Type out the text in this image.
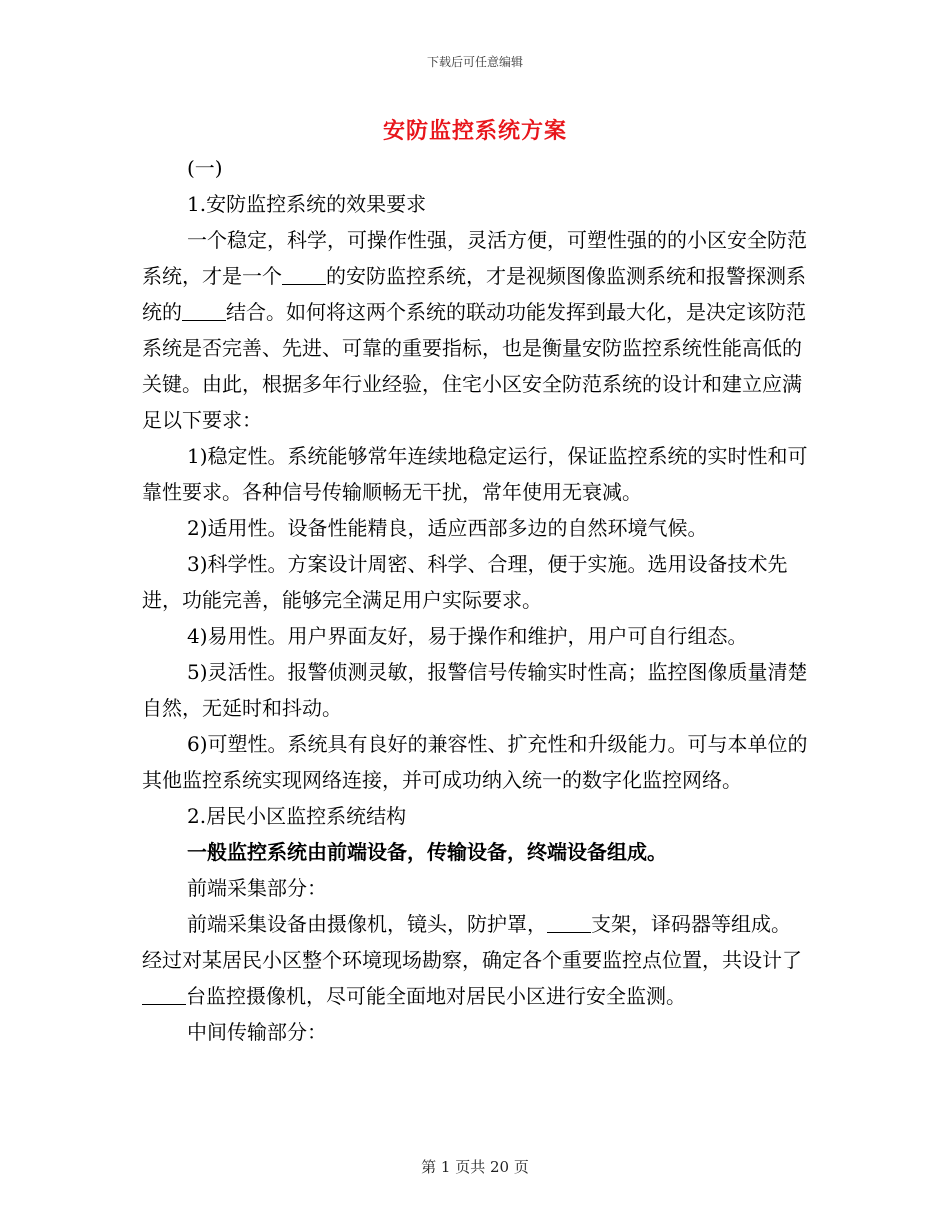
下载后可任意编辑
安防监控系统方案

(一)

1.安防监控系统的效果要求

一个稳定，科学，可操作性强，灵活方便，可塑性强的的小区安全防范系统，才是一个 的安防监控系统，才是视频图像监测系统和报警探测系统的 结合。如何将这两个系统的联动功能发挥到最大化，是决定该防范系统是否完善、先进、可靠的重要指标，也是衡量安防监控系统性能高低的关键。由此，根据多年行业经验，住宅小区安全防范系统的设计和建立应满足以下要求：

1)稳定性。系统能够常年连续地稳定运行，保证监控系统的实时性和可靠性要求。各种信号传输顺畅无干扰，常年使用无衰减。

2)适用性。设备性能精良，适应西部多边的自然环境气候。

3)科学性。方案设计周密、科学、合理，便于实施。选用设备技术先进，功能完善，能够完全满足用户实际要求。

4)易用性。用户界面友好，易于操作和维护，用户可自行组态。

5)灵活性。报警侦测灵敏，报警信号传输实时性高；监控图像质量清楚自然，无延时和抖动。

6)可塑性。系统具有良好的兼容性、扩充性和升级能力。可与本单位的其他监控系统实现网络连接，并可成功纳入统一的数字化监控网络。

2.居民小区监控系统结构

一般监控系统由前端设备，传输设备，终端设备组成。

前端采集部分：

前端采集设备由摄像机，镜头，防护罩， 支架，译码器等组成。经过对某居民小区整个环境现场勘察，确定各个重要监控点位置，共设计了台监控摄像机，尽可能全面地对居民小区进行安全监测。

中间传输部分：

第 1 页共 20 页
